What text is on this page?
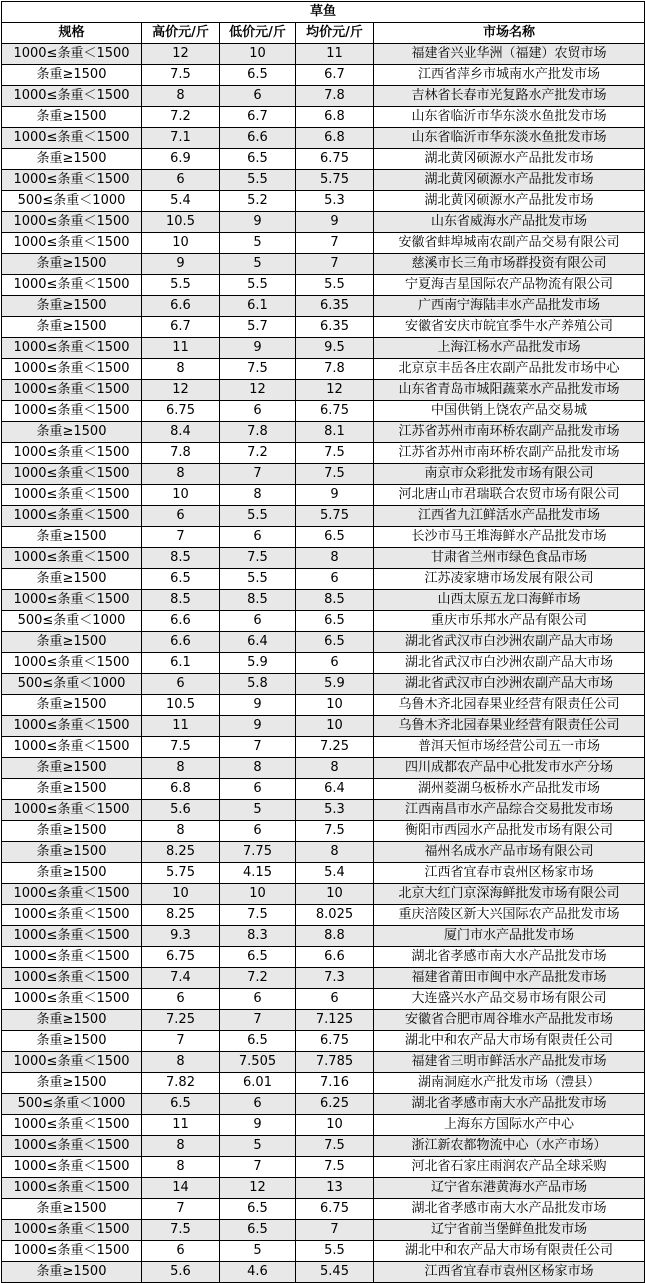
草鱼				
规格	高价元/斤	低价元/斤	均价元/斤	市场名称
1000≤条重＜1500	12	10	11	福建省兴业华洲（福建）农贸市场
条重≥1500	7.5	6.5	6.7	江西省萍乡市城南水产批发市场
1000≤条重＜1500	8	6	7.8	吉林省长春市光复路水产批发市场
条重≥1500	7.2	6.7	6.8	山东省临沂市华东淡水鱼批发市场
1000≤条重＜1500	7.1	6.6	6.8	山东省临沂市华东淡水鱼批发市场
条重≥1500	6.9	6.5	6.75	湖北黄冈硕源水产品批发市场
1000≤条重＜1500	6	5.5	5.75	湖北黄冈硕源水产品批发市场
500≤条重＜1000	5.4	5.2	5.3	湖北黄冈硕源水产品批发市场
1000≤条重＜1500	10.5	9	9	山东省威海水产品批发市场
1000≤条重＜1500	10	5	7	安徽省蚌埠城南农副产品交易有限公司
条重≥1500	9	5	7	慈溪市长三角市场群投资有限公司
1000≤条重＜1500	5.5	5.5	5.5	宁夏海吉星国际农产品物流有限公司
条重≥1500	6.6	6.1	6.35	广西南宁海陆丰水产品批发市场
条重≥1500	6.7	5.7	6.35	安徽省安庆市皖宜季牛水产养殖公司
1000≤条重＜1500	11	9	9.5	上海江杨水产品批发市场
1000≤条重＜1500	8	7.5	7.8	北京京丰岳各庄农副产品批发市场中心
1000≤条重＜1500	12	12	12	山东省青岛市城阳蔬菜水产品批发市场
1000≤条重＜1500	6.75	6	6.75	中国供销上饶农产品交易城
条重≥1500	8.4	7.8	8.1	江苏省苏州市南环桥农副产品批发市场
1000≤条重＜1500	7.8	7.2	7.5	江苏省苏州市南环桥农副产品批发市场
1000≤条重＜1500	8	7	7.5	南京市众彩批发市场有限公司
1000≤条重＜1500	10	8	9	河北唐山市君瑞联合农贸市场有限公司
1000≤条重＜1500	6	5.5	5.75	江西省九江鲜活水产品批发市场
条重≥1500	7	6	6.5	长沙市马王堆海鲜水产品批发市场
1000≤条重＜1500	8.5	7.5	8	甘肃省兰州市绿色食品市场
条重≥1500	6.5	5.5	6	江苏凌家塘市场发展有限公司
1000≤条重＜1500	8.5	8.5	8.5	山西太原五龙口海鲜市场
500≤条重＜1000	6.6	6	6.5	重庆市乐邦水产品有限公司
条重≥1500	6.6	6.4	6.5	湖北省武汉市白沙洲农副产品大市场
1000≤条重＜1500	6.1	5.9	6	湖北省武汉市白沙洲农副产品大市场
500≤条重＜1000	6	5.8	5.9	湖北省武汉市白沙洲农副产品大市场
条重≥1500	10.5	9	10	乌鲁木齐北园春果业经营有限责任公司
1000≤条重＜1500	11	9	10	乌鲁木齐北园春果业经营有限责任公司
1000≤条重＜1500	7.5	7	7.25	普洱天恒市场经营公司五一市场
条重≥1500	8	8	8	四川成都农产品中心批发市水产分场
条重≥1500	6.8	6	6.4	湖州菱湖乌板桥水产品批发市场
1000≤条重＜1500	5.6	5	5.3	江西南昌市水产品综合交易批发市场
条重≥1500	8	6	7.5	衡阳市西园水产品批发市场有限公司
条重≥1500	8.25	7.75	8	福州名成水产品市场有限公司
条重≥1500	5.75	4.15	5.4	江西省宜春市袁州区杨家市场
1000≤条重＜1500	10	10	10	北京大红门京深海鲜批发市场有限公司
1000≤条重＜1500	8.25	7.5	8.025	重庆涪陵区新大兴国际农产品批发市场
1000≤条重＜1500	9.3	8.3	8.8	厦门市水产品批发市场
1000≤条重＜1500	6.75	6.5	6.6	湖北省孝感市南大水产品批发市场
1000≤条重＜1500	7.4	7.2	7.3	福建省莆田市闽中水产品批发市场
1000≤条重＜1500	6	6	6	大连盛兴水产品交易市场有限公司
条重≥1500	7.25	7	7.125	安徽省合肥市周谷堆水产品批发市场
条重≥1500	7	6.5	6.75	湖北中和农产品大市场有限责任公司
1000≤条重＜1500	8	7.505	7.785	福建省三明市鲜活水产品批发市场
条重≥1500	7.82	6.01	7.16	湖南洞庭水产批发市场（澧县）
500≤条重＜1000	6.5	6	6.25	湖北省孝感市南大水产品批发市场
1000≤条重＜1500	11	9	10	上海东方国际水产中心
1000≤条重＜1500	8	5	7.5	浙江新农都物流中心（水产市场）
1000≤条重＜1500	8	7	7.5	河北省石家庄雨润农产品全球采购
1000≤条重＜1500	14	12	13	辽宁省东港黄海水产品市场
条重≥1500	7	6.5	6.75	湖北省孝感市南大水产品批发市场
1000≤条重＜1500	7.5	6.5	7	辽宁省前当堡鲜鱼批发市场
1000≤条重＜1500	6	5	5.5	湖北中和农产品大市场有限责任公司
条重≥1500	5.6	4.6	5.45	江西省宜春市袁州区杨家市场
